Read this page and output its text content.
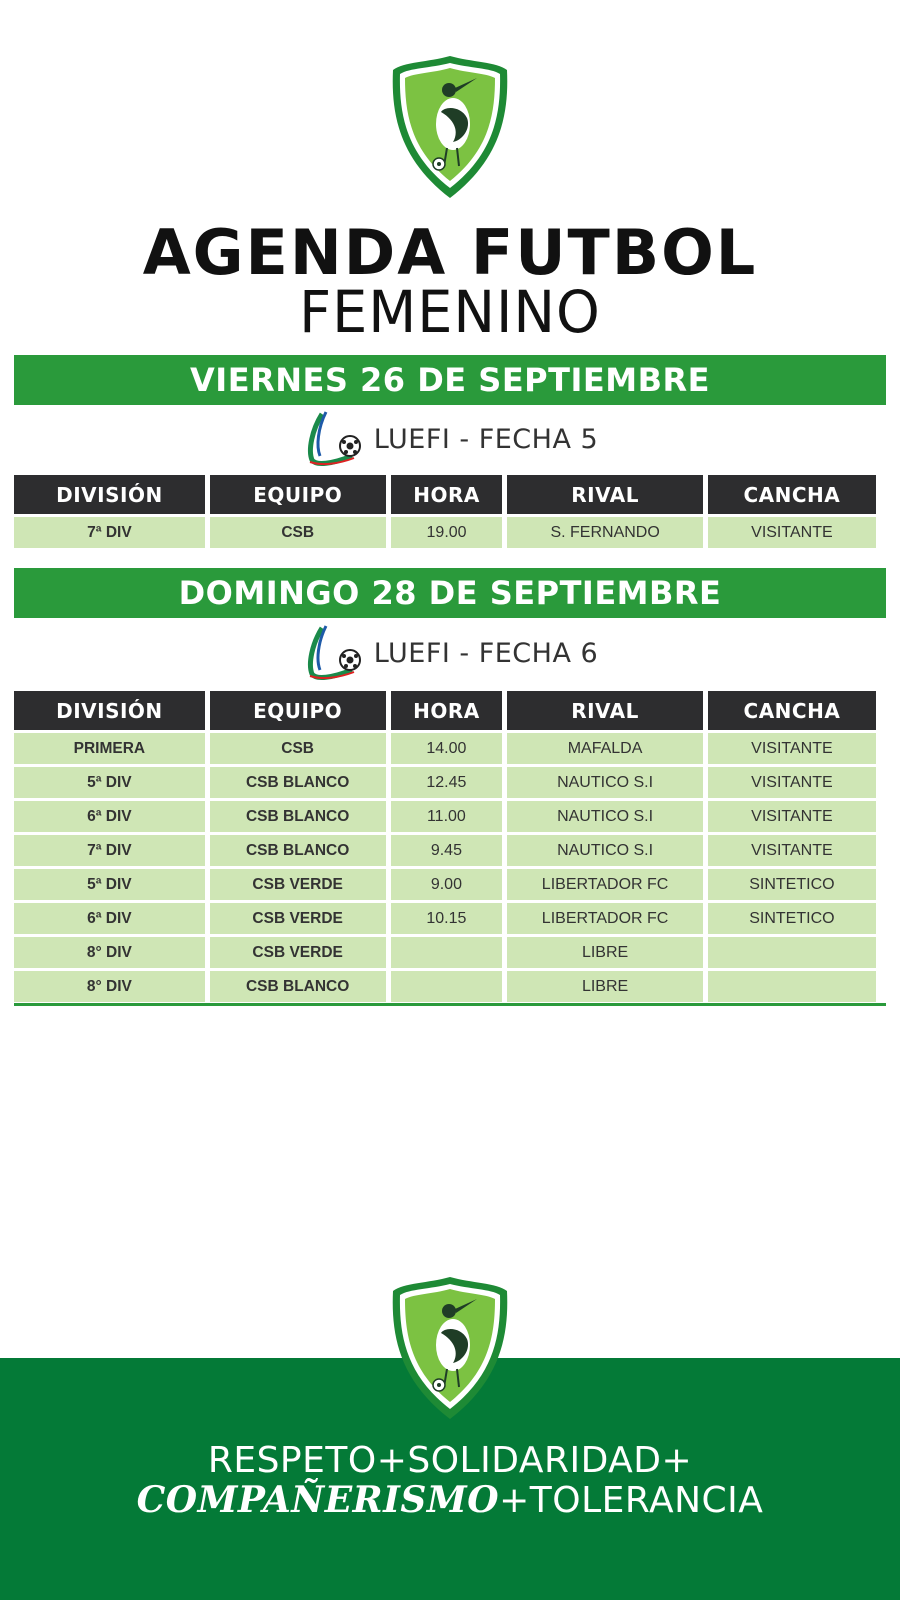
AGENDA FUTBOL
FEMENINO
VIERNES 26 DE SEPTIEMBRE
LUEFI - FECHA 5
DIVISIÓN	EQUIPO	HORA	RIVAL	CANCHA
7ª DIV	CSB	19.00	S. FERNANDO	VISITANTE
DOMINGO 28 DE SEPTIEMBRE
LUEFI - FECHA 6
DIVISIÓN	EQUIPO	HORA	RIVAL	CANCHA
PRIMERA	CSB	14.00	MAFALDA	VISITANTE
5ª DIV	CSB BLANCO	12.45	NAUTICO S.I	VISITANTE
6ª DIV	CSB BLANCO	11.00	NAUTICO S.I	VISITANTE
7ª DIV	CSB BLANCO	9.45	NAUTICO S.I	VISITANTE
5ª DIV	CSB VERDE	9.00	LIBERTADOR FC	SINTETICO
6ª DIV	CSB VERDE	10.15	LIBERTADOR FC	SINTETICO
8° DIV	CSB VERDE		LIBRE	
8° DIV	CSB BLANCO		LIBRE	
RESPETO+SOLIDARIDAD+
COMPAÑERISMO+TOLERANCIA
